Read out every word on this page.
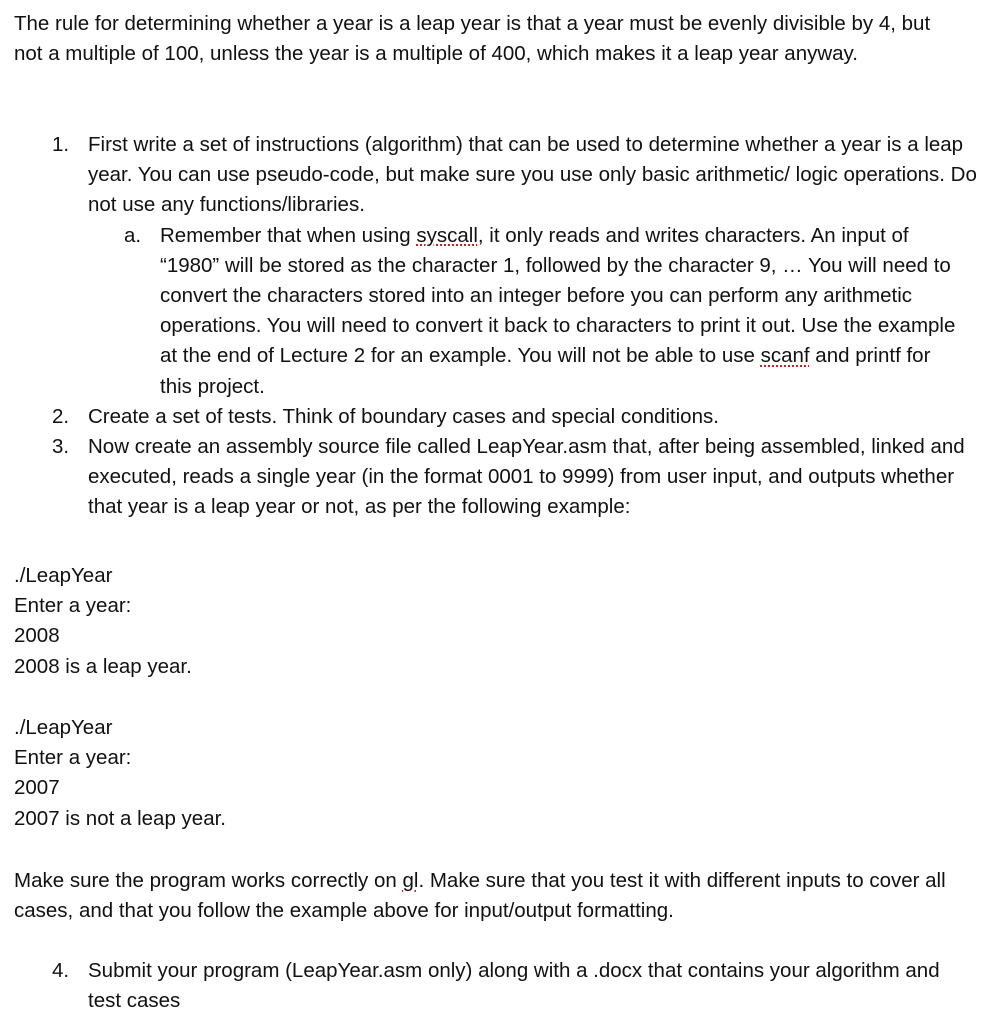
The rule for determining whether a year is a leap year is that a year must be evenly divisible by 4, but not a multiple of 100, unless the year is a multiple of 400, which makes it a leap year anyway.

1. First write a set of instructions (algorithm) that can be used to determine whether a year is a leap year. You can use pseudo-code, but make sure you use only basic arithmetic/ logic operations. Do not use any functions/libraries.

a. Remember that when using syscall, it only reads and writes characters. An input of “1980” will be stored as the character 1, followed by the character 9, … You will need to convert the characters stored into an integer before you can perform any arithmetic operations. You will need to convert it back to characters to print it out. Use the example at the end of Lecture 2 for an example. You will not be able to use scanf and printf for this project.

2. Create a set of tests. Think of boundary cases and special conditions.

3. Now create an assembly source file called LeapYear.asm that, after being assembled, linked and executed, reads a single year (in the format 0001 to 9999) from user input, and outputs whether that year is a leap year or not, as per the following example:

./LeapYear

Enter a year:

2008

2008 is a leap year.

./LeapYear

Enter a year:

2007

2007 is not a leap year.

Make sure the program works correctly on gl. Make sure that you test it with different inputs to cover all cases, and that you follow the example above for input/output formatting.

4. Submit your program (LeapYear.asm only) along with a .docx that contains your algorithm and test cases
